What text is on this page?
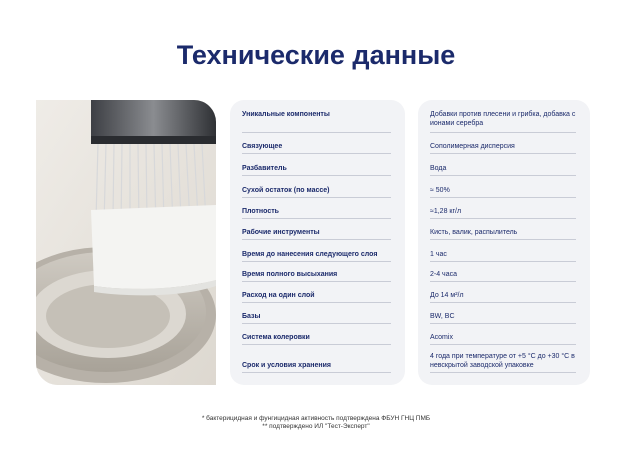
Технические данные
Уникальные компоненты
Связующее
Разбавитель
Сухой остаток (по массе)
Плотность
Рабочие инструменты
Время до нанесения следующего слоя
Время полного высыхания
Расход на один слой
Базы
Система колеровки
Срок и условия хранения
Добавки против плесени и грибка, добавка с ионами серебра
Сополимерная дисперсия
Вода
≈ 50%
≈1,28 кг/л
Кисть, валик, распылитель
1 час
2-4 часа
До 14 м²/л
BW, BC
Acomix
4 года при температуре от +5 °С до +30 °С в невскрытой заводской упаковке
* бактерицидная и фунгицидная активность подтверждена ФБУН ГНЦ ПМБ
** подтверждено ИЛ "Тест-Эксперт"
